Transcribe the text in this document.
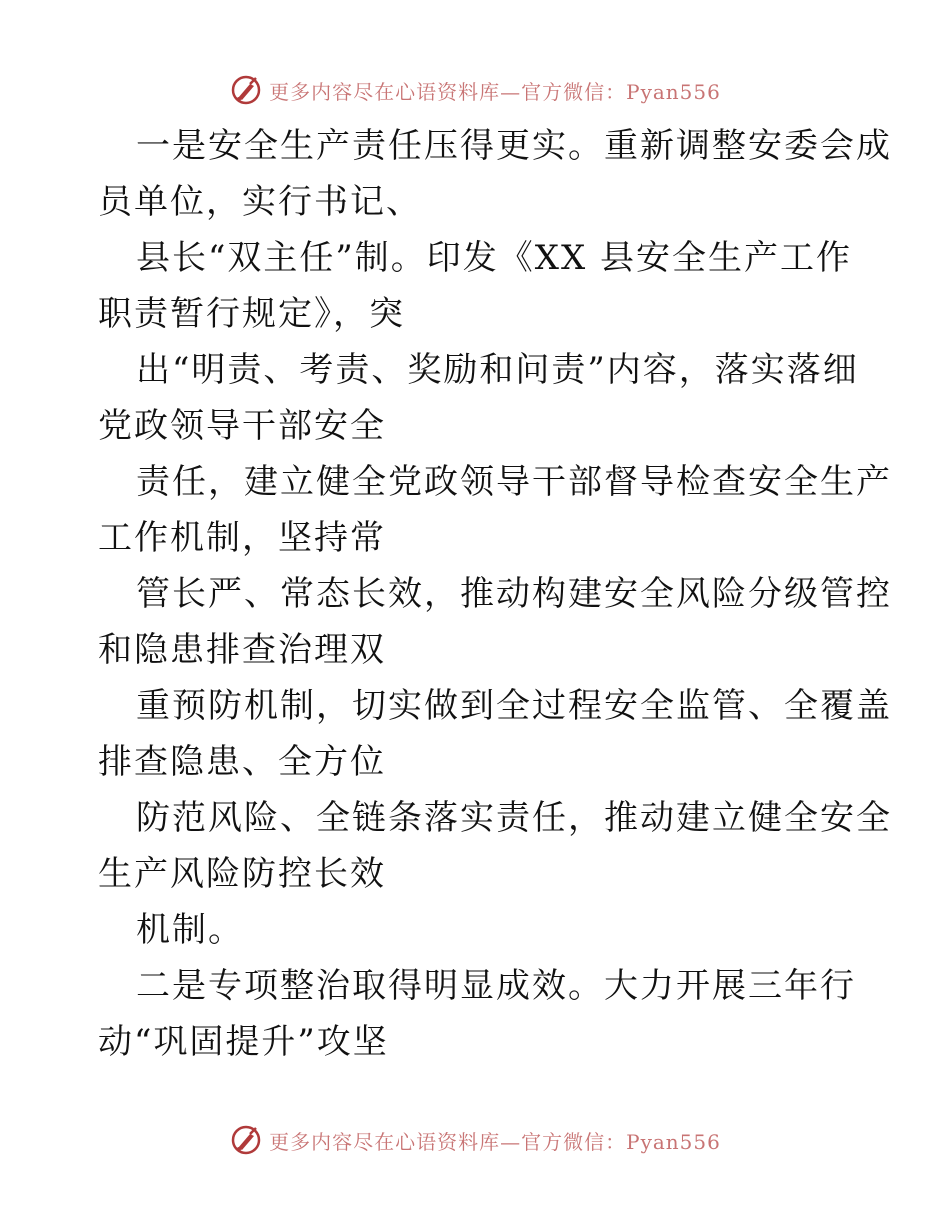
更多内容尽在心语资料库—官方微信：Pyan556
一是安全生产责任压得更实。重新调整安委会成
员单位，实行书记、
县长“双主任”制。印发《XX 县安全生产工作
职责暂行规定》，突
出“明责、考责、奖励和问责”内容，落实落细
党政领导干部安全
责任，建立健全党政领导干部督导检查安全生产
工作机制，坚持常
管长严、常态长效，推动构建安全风险分级管控
和隐患排查治理双
重预防机制，切实做到全过程安全监管、全覆盖
排查隐患、全方位
防范风险、全链条落实责任，推动建立健全安全
生产风险防控长效
机制。
二是专项整治取得明显成效。大力开展三年行
动“巩固提升”攻坚
更多内容尽在心语资料库—官方微信：Pyan556
